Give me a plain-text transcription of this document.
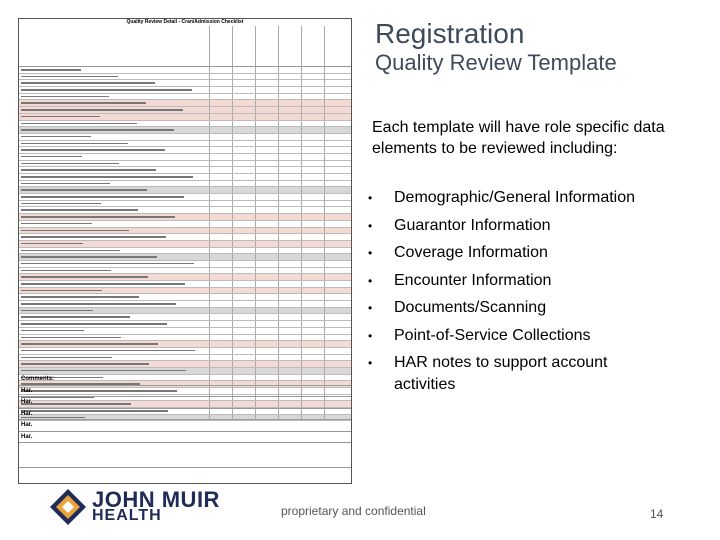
Quality Review Detail - Cran/Admission Checklist
Comments:
Har.
Har.
Har.
Har.
Har.
Registration
Quality Review Template
Each template will have role specific data elements to be reviewed including:
• Demographic/General Information
• Guarantor Information
• Coverage Information
• Encounter Information
• Documents/Scanning
• Point-of-Service Collections
• HAR notes to support account activities
JOHN MUIR
HEALTH	proprietary and confidential	14
